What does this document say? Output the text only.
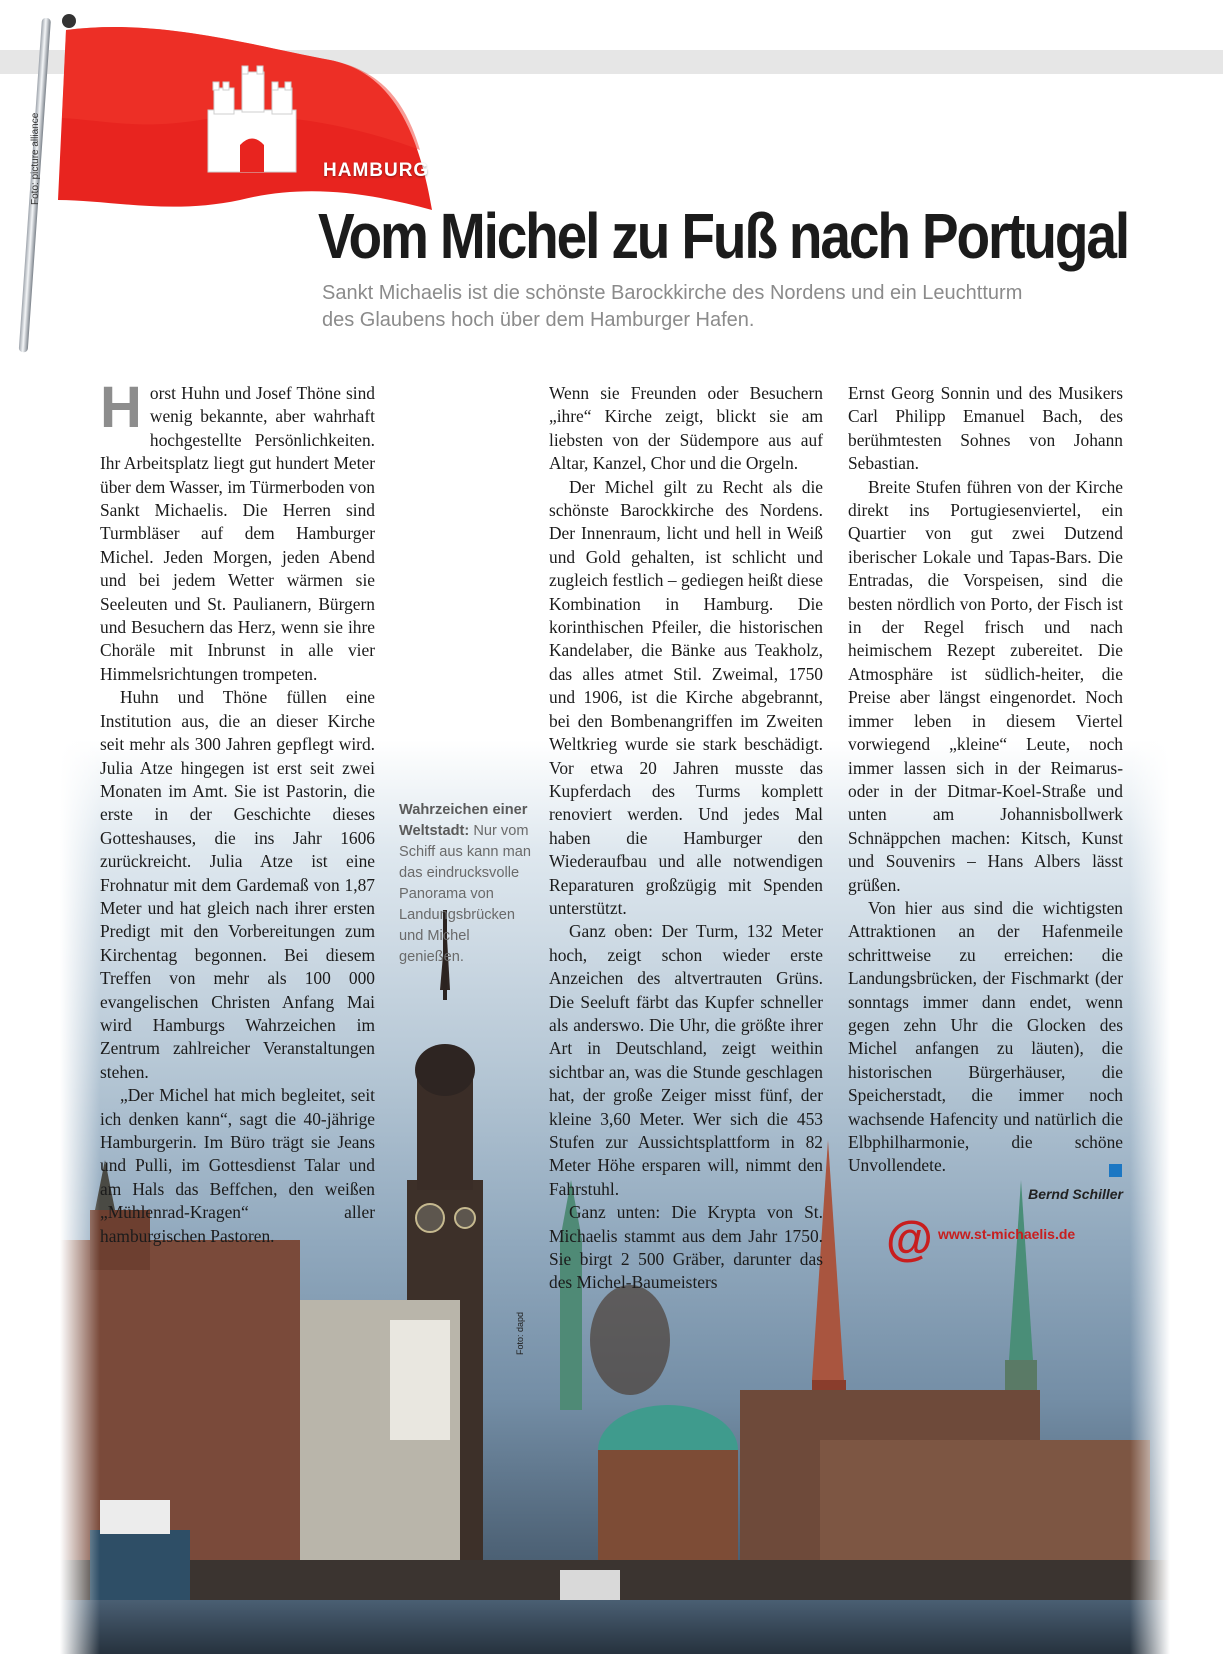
Foto: dapd
Foto: picture alliance	HAMBURG
Vom Michel zu Fuß nach Portugal

Sankt Michaelis ist die schönste Barockkirche des Nordens und ein Leuchtturm des Glaubens hoch über dem Hamburger Hafen.

Horst Huhn und Josef Thöne sind wenig bekannte, aber wahrhaft hochgestellte Persönlichkeiten. Ihr Arbeitsplatz liegt gut hundert Meter über dem Wasser, im Türmerboden von Sankt Michaelis. Die Herren sind Turmbläser auf dem Hamburger Michel. Jeden Morgen, jeden Abend und bei jedem Wetter wärmen sie Seeleuten und St. Paulianern, Bürgern und Besuchern das Herz, wenn sie ihre Choräle mit Inbrunst in alle vier Himmelsrichtungen trompeten.

Huhn und Thöne füllen eine Institution aus, die an dieser Kirche seit mehr als 300 Jahren gepflegt wird. Julia Atze hingegen ist erst seit zwei Monaten im Amt. Sie ist Pastorin, die erste in der Geschichte dieses Gotteshauses, die ins Jahr 1606 zurückreicht. Julia Atze ist eine Frohnatur mit dem Gardemaß von 1,87 Meter und hat gleich nach ihrer ersten Predigt mit den Vorbereitungen zum Kirchentag begonnen. Bei diesem Treffen von mehr als 100 000 evangelischen Christen Anfang Mai wird Hamburgs Wahrzeichen im Zentrum zahlreicher Veranstaltungen stehen.

„Der Michel hat mich begleitet, seit ich denken kann“, sagt die 40-jährige Hamburgerin. Im Büro trägt sie Jeans und Pulli, im Gottesdienst Talar und am Hals das Beffchen, den weißen „Mühlenrad-Kragen“ aller hamburgischen Pastoren.

Wahrzeichen einer Weltstadt: Nur vom Schiff aus kann man das eindrucksvolle Panorama von Landungsbrücken und Michel genießen.

Wenn sie Freunden oder Besuchern „ihre“ Kirche zeigt, blickt sie am liebsten von der Südempore aus auf Altar, Kanzel, Chor und die Orgeln.

Der Michel gilt zu Recht als die schönste Barockkirche des Nordens. Der Innenraum, licht und hell in Weiß und Gold gehalten, ist schlicht und zugleich festlich – gediegen heißt diese Kombination in Hamburg. Die korinthischen Pfeiler, die historischen Kandelaber, die Bänke aus Teakholz, das alles atmet Stil. Zweimal, 1750 und 1906, ist die Kirche abgebrannt, bei den Bombenangriffen im Zweiten Weltkrieg wurde sie stark beschädigt. Vor etwa 20 Jahren musste das Kupferdach des Turms komplett renoviert werden. Und jedes Mal haben die Hamburger den Wiederaufbau und alle notwendigen Reparaturen großzügig mit Spenden unterstützt.

Ganz oben: Der Turm, 132 Meter hoch, zeigt schon wieder erste Anzeichen des altvertrauten Grüns. Die Seeluft färbt das Kupfer schneller als anderswo. Die Uhr, die größte ihrer Art in Deutschland, zeigt weithin sichtbar an, was die Stunde geschlagen hat, der große Zeiger misst fünf, der kleine 3,60 Meter. Wer sich die 453 Stufen zur Aussichtsplattform in 82 Meter Höhe ersparen will, nimmt den Fahrstuhl.

Ganz unten: Die Krypta von St. Michaelis stammt aus dem Jahr 1750. Sie birgt 2 500 Gräber, darunter das des Michel-Baumeisters

Ernst Georg Sonnin und des Musikers Carl Philipp Emanuel Bach, des berühmtesten Sohnes von Johann Sebastian.

Breite Stufen führen von der Kirche direkt ins Portugiesenviertel, ein Quartier von gut zwei Dutzend iberischer Lokale und Tapas-Bars. Die Entradas, die Vorspeisen, sind die besten nördlich von Porto, der Fisch ist in der Regel frisch und nach heimischem Rezept zubereitet. Die Atmosphäre ist südlich-heiter, die Preise aber längst eingenordet. Noch immer leben in diesem Viertel vorwiegend „kleine“ Leute, noch immer lassen sich in der Reimarus- oder in der Ditmar-Koel-Straße und unten am Johannisbollwerk Schnäppchen machen: Kitsch, Kunst und Souvenirs – Hans Albers lässt grüßen.

Von hier aus sind die wichtigsten Attraktionen an der Hafenmeile schrittweise zu erreichen: die Landungsbrücken, der Fischmarkt (der sonntags immer dann endet, wenn gegen zehn Uhr die Glocken des Michel anfangen zu läuten), die historischen Bürgerhäuser, die Speicherstadt, die immer noch wachsende Hafencity und natürlich die Elbphilharmonie, die schöne Unvollendete.

Bernd Schiller
@ www.st-michaelis.de
